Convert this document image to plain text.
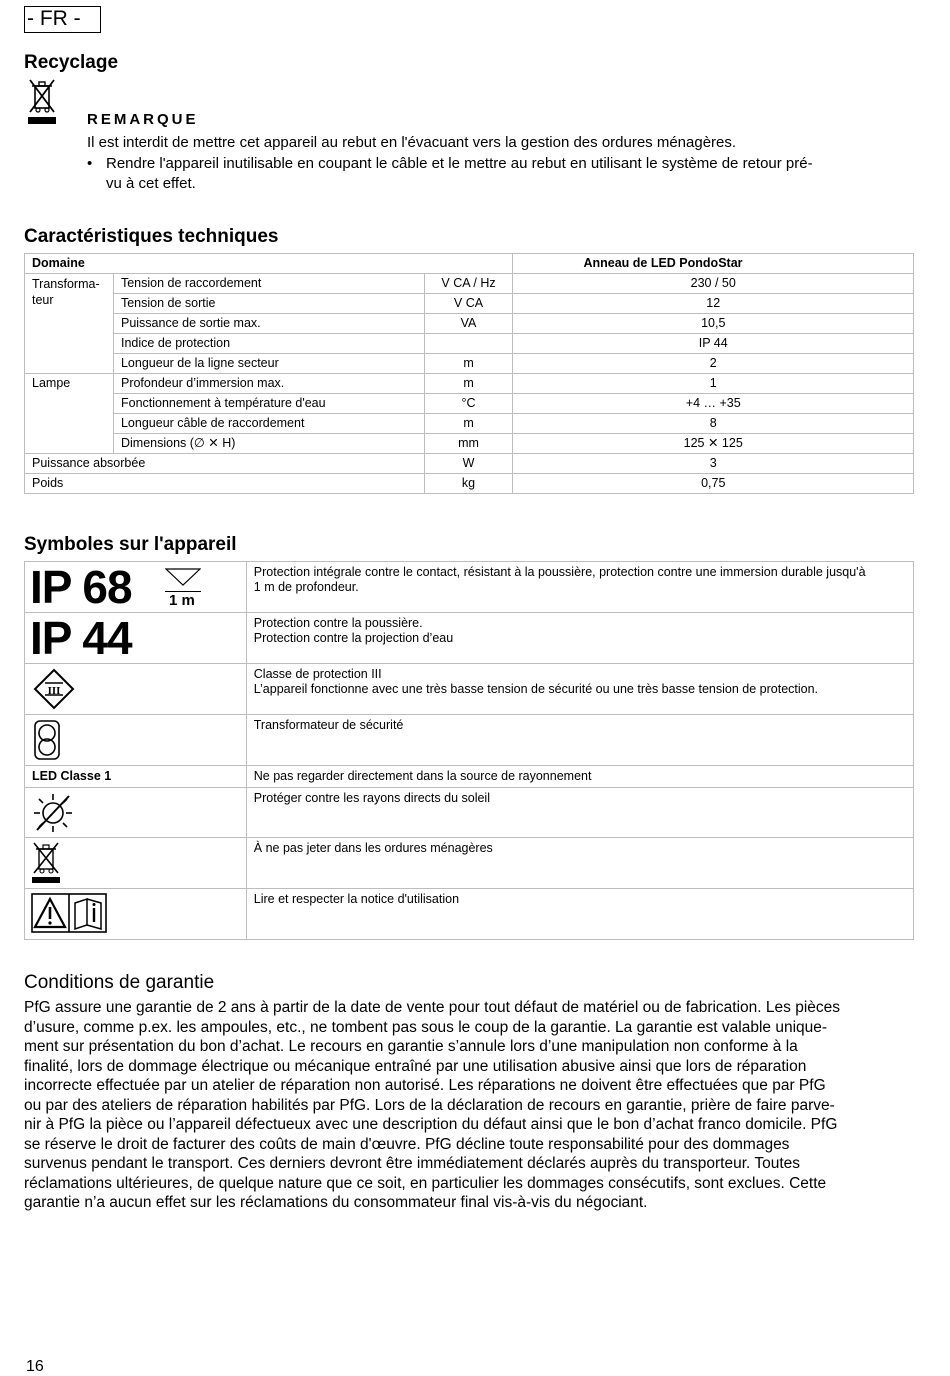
- FR -
Recyclage
REMARQUE
Il est interdit de mettre cet appareil au rebut en l'évacuant vers la gestion des ordures ménagères.
• Rendre l'appareil inutilisable en coupant le câble et le mettre au rebut en utilisant le système de retour pré-
vu à cet effet.
Caractéristiques techniques
Domaine			Anneau de LED PondoStar
Transforma-
teur	Tension de raccordement	V CA / Hz	230 / 50
	Tension de sortie	V CA	12
	Puissance de sortie max.	VA	10,5
	Indice de protection		IP 44
	Longueur de la ligne secteur	m	2
Lampe	Profondeur d’immersion max.	m	1
	Fonctionnement à température d'eau	°C	+4 … +35
	Longueur câble de raccordement	m	8
	Dimensions (∅ ✕ H)	mm	125 ✕ 125
Puissance absorbée		W	3
Poids		kg	0,75
Symboles sur l'appareil
IP 68 1 m	Protection intégrale contre le contact, résistant à la poussière, protection contre une immersion durable jusqu'à
1 m de profondeur.

IP 44	Protection contre la poussière.
Protection contre la projection d’eau

III	Classe de protection III
L’appareil fonctionne avec une très basse tension de sécurité ou une très basse tension de protection.

	Transformateur de sécurité
LED Classe 1	Ne pas regarder directement dans la source de rayonnement

	Protéger contre les rayons directs du soleil

	À ne pas jeter dans les ordures ménagères

	Lire et respecter la notice d'utilisation
Conditions de garantie
PfG assure une garantie de 2 ans à partir de la date de vente pour tout défaut de matériel ou de fabrication. Les pièces
d’usure, comme p.ex. les ampoules, etc., ne tombent pas sous le coup de la garantie. La garantie est valable unique-
ment sur présentation du bon d’achat. Le recours en garantie s’annule lors d’une manipulation non conforme à la
finalité, lors de dommage électrique ou mécanique entraîné par une utilisation abusive ainsi que lors de réparation
incorrecte effectuée par un atelier de réparation non autorisé. Les réparations ne doivent être effectuées que par PfG
ou par des ateliers de réparation habilités par PfG. Lors de la déclaration de recours en garantie, prière de faire parve-
nir à PfG la pièce ou l’appareil défectueux avec une description du défaut ainsi que le bon d’achat franco domicile. PfG
se réserve le droit de facturer des coûts de main d'œuvre. PfG décline toute responsabilité pour des dommages
survenus pendant le transport. Ces derniers devront être immédiatement déclarés auprès du transporteur. Toutes
réclamations ultérieures, de quelque nature que ce soit, en particulier les dommages consécutifs, sont exclues. Cette
garantie n’a aucun effet sur les réclamations du consommateur final vis-à-vis du négociant.
16
